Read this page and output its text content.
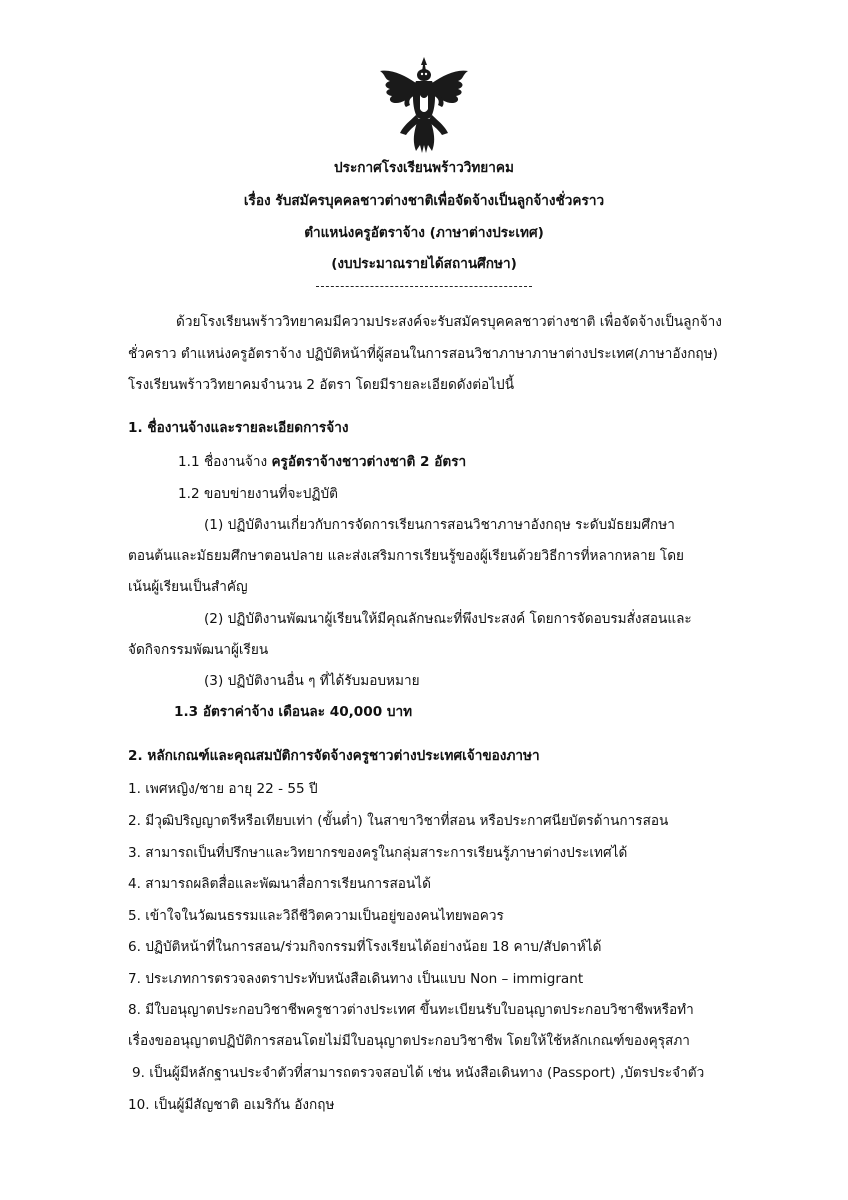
ประกาศโรงเรียนพร้าววิทยาคม
เรื่อง รับสมัครบุคคลชาวต่างชาติเพื่อจัดจ้างเป็นลูกจ้างชั่วคราว
ตำแหน่งครูอัตราจ้าง (ภาษาต่างประเทศ)
(งบประมาณรายได้สถานศึกษา)
ด้วยโรงเรียนพร้าววิทยาคมมีความประสงค์จะรับสมัครบุคคลชาวต่างชาติ เพื่อจัดจ้างเป็นลูกจ้าง
ชั่วคราว ตำแหน่งครูอัตราจ้าง ปฏิบัติหน้าที่ผู้สอนในการสอนวิชาภาษาภาษาต่างประเทศ(ภาษาอังกฤษ)
โรงเรียนพร้าววิทยาคมจำนวน 2 อัตรา โดยมีรายละเอียดดังต่อไปนี้
1. ชื่องานจ้างและรายละเอียดการจ้าง
1.1 ชื่องานจ้าง ครูอัตราจ้างชาวต่างชาติ 2 อัตรา
1.2 ขอบข่ายงานที่จะปฏิบัติ
(1) ปฏิบัติงานเกี่ยวกับการจัดการเรียนการสอนวิชาภาษาอังกฤษ ระดับมัธยมศึกษา
ตอนต้นและมัธยมศึกษาตอนปลาย และส่งเสริมการเรียนรู้ของผู้เรียนด้วยวิธีการที่หลากหลาย โดย
เน้นผู้เรียนเป็นสำคัญ
(2) ปฏิบัติงานพัฒนาผู้เรียนให้มีคุณลักษณะที่พึงประสงค์ โดยการจัดอบรมสั่งสอนและ
จัดกิจกรรมพัฒนาผู้เรียน
(3) ปฏิบัติงานอื่น ๆ ที่ได้รับมอบหมาย
1.3 อัตราค่าจ้าง เดือนละ 40,000 บาท
2. หลักเกณฑ์และคุณสมบัติการจัดจ้างครูชาวต่างประเทศเจ้าของภาษา
1. เพศหญิง/ชาย อายุ 22 - 55 ปี
2. มีวุฒิปริญญาตรีหรือเทียบเท่า (ขั้นต่ำ) ในสาขาวิชาที่สอน หรือประกาศนียบัตรด้านการสอน
3. สามารถเป็นที่ปรึกษาและวิทยากรของครูในกลุ่มสาระการเรียนรู้ภาษาต่างประเทศได้
4. สามารถผลิตสื่อและพัฒนาสื่อการเรียนการสอนได้
5. เข้าใจในวัฒนธรรมและวิถีชีวิตความเป็นอยู่ของคนไทยพอควร
6. ปฏิบัติหน้าที่ในการสอน/ร่วมกิจกรรมที่โรงเรียนได้อย่างน้อย 18 คาบ/สัปดาห์ได้
7. ประเภทการตรวจลงตราประทับหนังสือเดินทาง เป็นแบบ Non – immigrant
8. มีใบอนุญาตประกอบวิชาชีพครูชาวต่างประเทศ ขึ้นทะเบียนรับใบอนุญาตประกอบวิชาชีพหรือทำ
เรื่องขออนุญาตปฏิบัติการสอนโดยไม่มีใบอนุญาตประกอบวิชาชีพ โดยให้ใช้หลักเกณฑ์ของคุรุสภา
9. เป็นผู้มีหลักฐานประจำตัวที่สามารถตรวจสอบได้ เช่น หนังสือเดินทาง (Passport) ,บัตรประจำตัว
10. เป็นผู้มีสัญชาติ อเมริกัน อังกฤษ
